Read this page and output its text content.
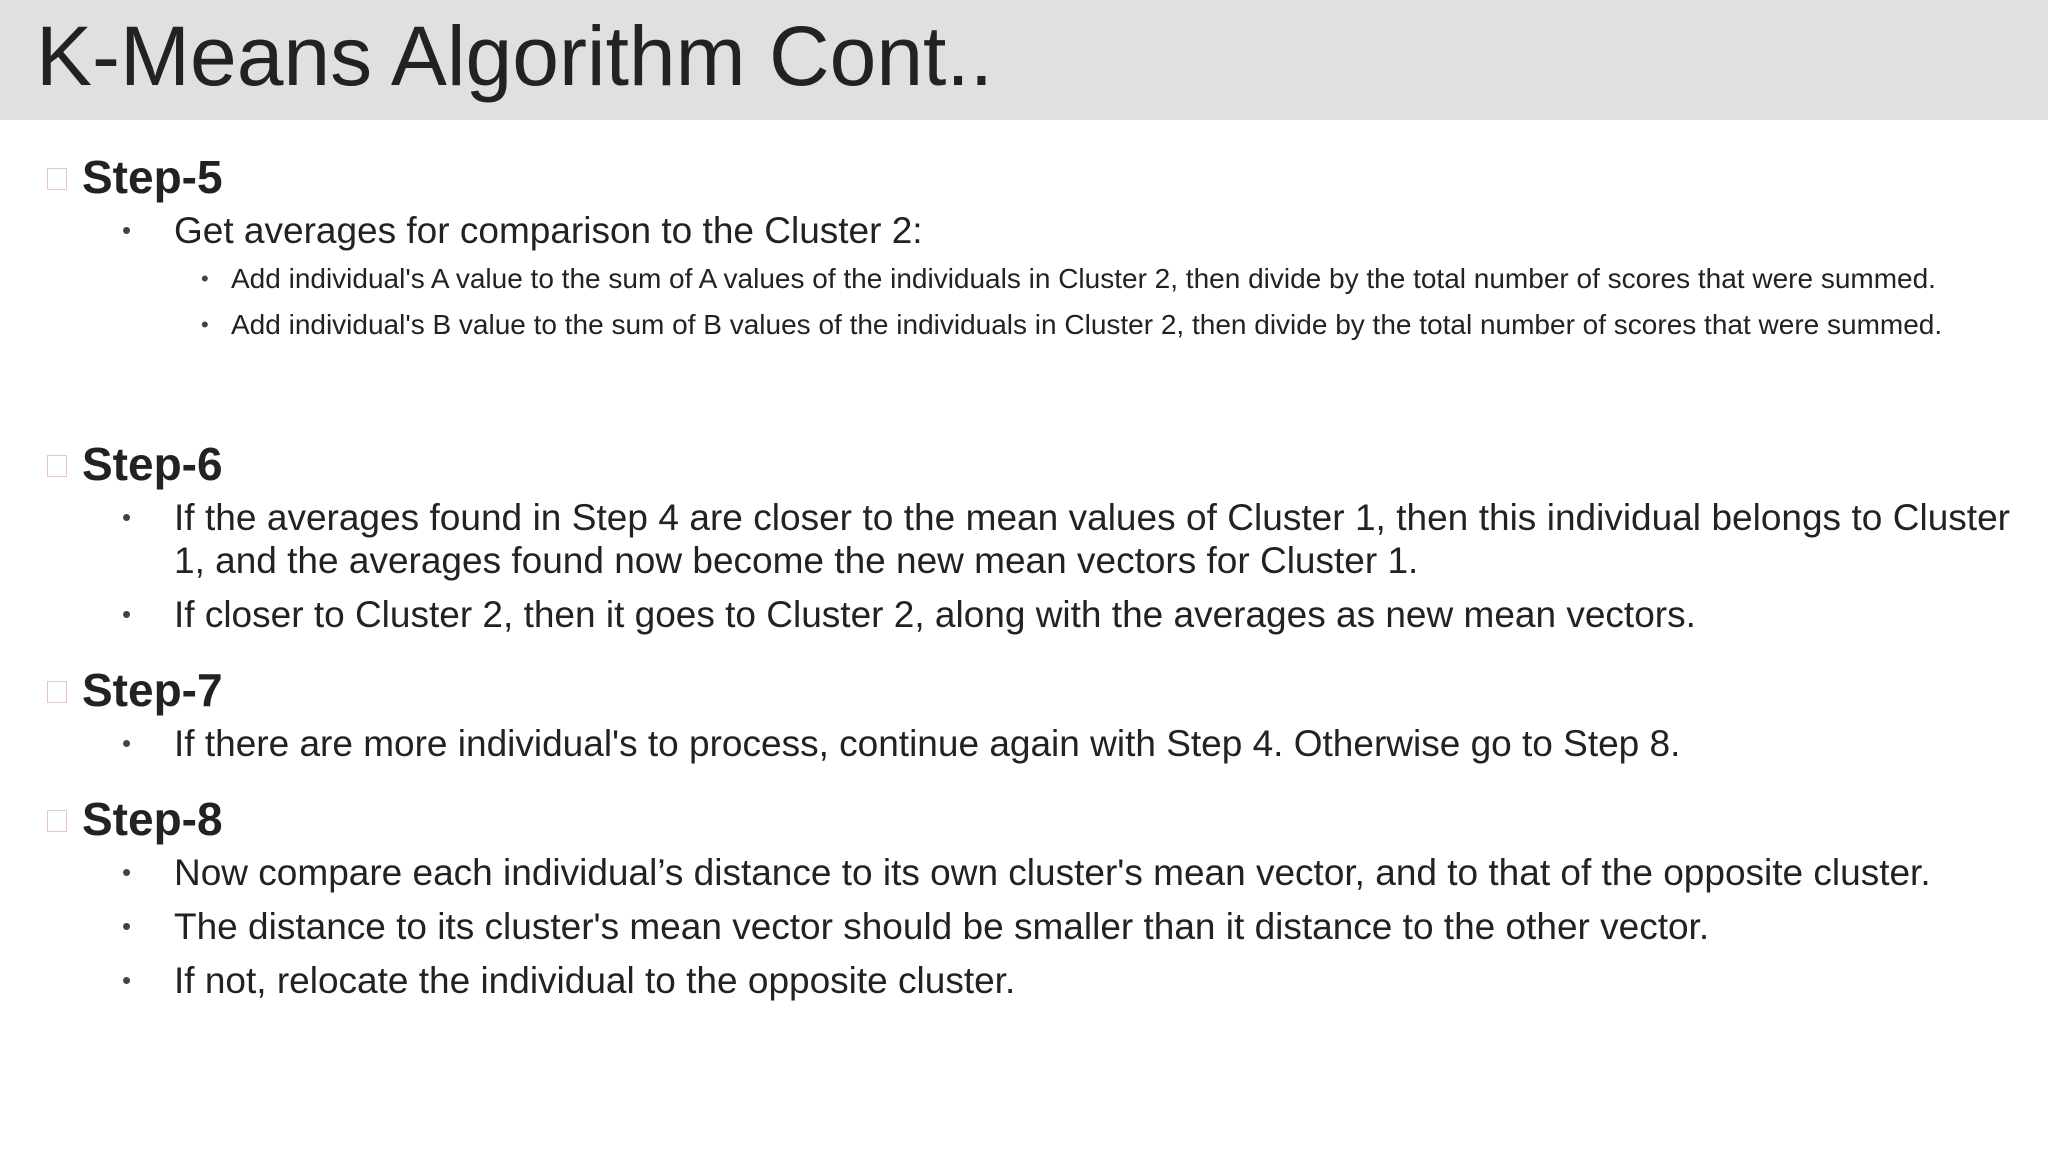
K-Means Algorithm Cont..
Step-5
• Get averages for comparison to the Cluster 2:
• Add individual's A value to the sum of A values of the individuals in Cluster 2, then divide by the total number of scores that were summed.
• Add individual's B value to the sum of B values of the individuals in Cluster 2, then divide by the total number of scores that were summed.
Step-6
• If the averages found in Step 4 are closer to the mean values of Cluster 1, then this individual belongs to Cluster 1, and the averages found now become the new mean vectors for Cluster 1.
• If closer to Cluster 2, then it goes to Cluster 2, along with the averages as new mean vectors.
Step-7
• If there are more individual's to process, continue again with Step 4. Otherwise go to Step 8.
Step-8
• Now compare each individual’s distance to its own cluster's mean vector, and to that of the opposite cluster.
• The distance to its cluster's mean vector should be smaller than it distance to the other vector.
• If not, relocate the individual to the opposite cluster.
